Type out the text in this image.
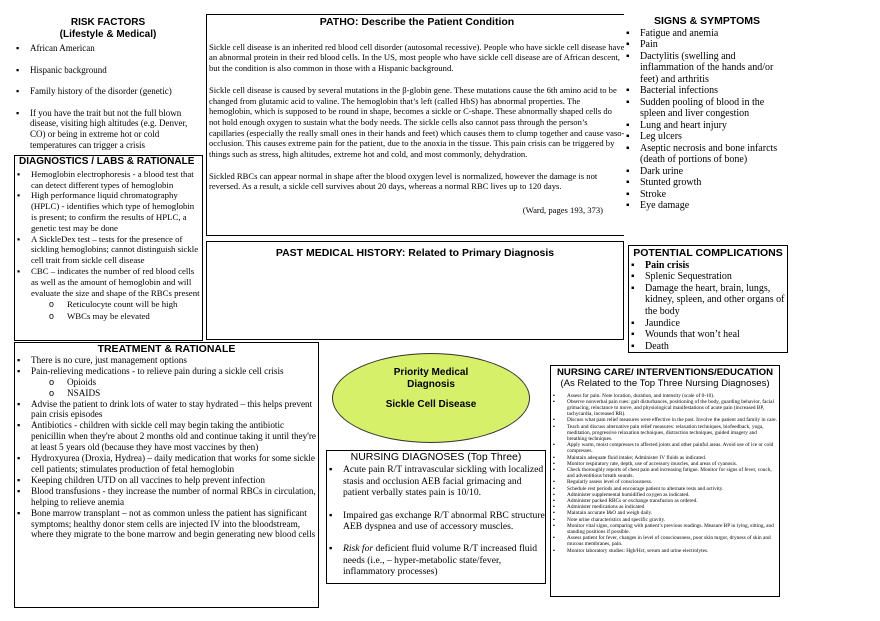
RISK FACTORS
(Lifestyle & Medical)
▪ African American
▪ Hispanic background
▪ Family history of the disorder (genetic)
▪ If you have the trait but not the full blown disease, visiting high altitudes (e.g. Denver, CO) or being in extreme hot or cold temperatures can trigger a crisis
PATHO: Describe the Patient Condition

Sickle cell disease is an inherited red blood cell disorder (autosomal recessive). People who have sickle cell disease have an abnormal protein in their red blood cells. In the US, most people who have sickle cell disease are of African descent, but the condition is also common in those with a Hispanic background.

Sickle cell disease is caused by several mutations in the β-globin gene. These mutations cause the 6th amino acid to be changed from glutamic acid to valine. The hemoglobin that’s left (called HbS) has abnormal properties. The hemoglobin, which is supposed to be round in shape, becomes a sickle or C-shape. These abnormally shaped cells do not hold enough oxygen to sustain what the body needs. The sickle cells also cannot pass through the person’s capillaries (especially the really small ones in their hands and feet) which causes them to clump together and cause vaso-occlusion. This causes extreme pain for the patient, due to the anoxia in the tissue. This pain crisis can be triggered by things such as stress, high altitudes, extreme hot and cold, and most commonly, dehydration.

Sickled RBCs can appear normal in shape after the blood oxygen level is normalized, however the damage is not reversed. As a result, a sickle cell survives about 20 days, whereas a normal RBC lives up to 120 days.

(Ward, pages 193, 373)
SIGNS & SYMPTOMS
▪ Fatigue and anemia
▪ Pain
▪ Dactylitis (swelling and inflammation of the hands and/or feet) and arthritis
▪ Bacterial infections
▪ Sudden pooling of blood in the spleen and liver congestion
▪ Lung and heart injury
▪ Leg ulcers
▪ Aseptic necrosis and bone infarcts (death of portions of bone)
▪ Dark urine
▪ Stunted growth
▪ Stroke
▪ Eye damage
DIAGNOSTICS / LABS & RATIONALE
▪ Hemoglobin electrophoresis - a blood test that can detect different types of hemoglobin
▪ High performance liquid chromatography (HPLC) - identifies which type of hemoglobin is present; to confirm the results of HPLC, a genetic test may be done
▪ A SickleDex test – tests for the presence of sickling hemoglobins; cannot distinguish sickle cell trait from sickle cell disease
▪ CBC – indicates the number of red blood cells as well as the amount of hemoglobin and will evaluate the size and shape of the RBCs present
o Reticulocyte count will be high
o WBCs may be elevated
PAST MEDICAL HISTORY: Related to Primary Diagnosis	POTENTIAL COMPLICATIONS
▪ Pain crisis
▪ Splenic Sequestration
▪ Damage the heart, brain, lungs, kidney, spleen, and other organs of the body
▪ Jaundice
▪ Wounds that won’t heal
▪ Death
TREATMENT & RATIONALE
▪ There is no cure, just management options
▪ Pain-relieving medications - to relieve pain during a sickle cell crisis
o Opioids
o NSAIDS
▪ Advise the patient to drink lots of water to stay hydrated – this helps prevent pain crisis episodes
▪ Antibiotics - children with sickle cell may begin taking the antibiotic penicillin when they're about 2 months old and continue taking it until they're at least 5 years old (because they have most vaccines by then)
▪ Hydroxyurea (Droxia, Hydrea) – daily medication that works for some sickle cell patients; stimulates production of fetal hemoglobin
▪ Keeping children UTD on all vaccines to help prevent infection
▪ Blood transfusions - they increase the number of normal RBCs in circulation, helping to relieve anemia
▪ Bone marrow transplant – not as common unless the patient has significant symptoms; healthy donor stem cells are injected IV into the bloodstream, where they migrate to the bone marrow and begin generating new blood cells
Priority Medical
Diagnosis
Sickle Cell Disease
NURSING DIAGNOSES (Top Three)
▪ Acute pain R/T intravascular sickling with localized stasis and occlusion AEB facial grimacing and patient verbally states pain is 10/10.
▪ Impaired gas exchange R/T abnormal RBC structure AEB dyspnea and use of accessory muscles.
▪ Risk for deficient fluid volume R/T increased fluid needs (i.e., – hyper-metabolic state/fever, inflammatory processes)
NURSING CARE/ INTERVENTIONS/EDUCATION
(As Related to the Top Three Nursing Diagnoses)
▪ Assess for pain. Note location, duration, and intensity (scale of 0-10).
▪ Observe nonverbal pain cues: gait disturbances, positioning of the body, guarding behavior, facial grimacing, reluctance to move, and physiological manifestations of acute pain (increased BP, tachycardia, increased RR).
▪ Discuss what pain relief measures were effective in the past. Involve the patient and family in care.
▪ Teach and discuss alternative pain relief measures: relaxation techniques, biofeedback, yoga, meditation, progressive relaxation techniques, distraction techniques, guided imagery and breathing techniques.
▪ Apply warm, moist compresses to affected joints and other painful areas. Avoid use of ice or cold compresses.
▪ Maintain adequate fluid intake; Administer IV fluids as indicated.
▪ Monitor respiratory rate, depth, use of accessory muscles, and areas of cyanosis.
▪ Check thoroughly reports of chest pain and increasing fatigue. Monitor for signs of fever, couch, and adventitious breath sounds.
▪ Regularly assess level of consciousness.
▪ Schedule rest periods and encourage patient to alternate rests and activity.
▪ Administer supplemental humidified oxygen as indicated.
▪ Administer packed RBCs or exchange transfusion as ordered.
▪ Administer medications as indicated
▪ Maintain accurate I&O and weigh daily.
▪ Note urine characteristics and specific gravity.
▪ Monitor vital signs, comparing with patient’s previous readings. Measure BP in lying, sitting, and standing positions if possible.
▪ Assess patient for fever, changes in level of consciousness, poor skin turgor, dryness of skin and mucous membranes, pain.
▪ Monitor laboratory studies: Hgb/Hct, serum and urine electrolytes.
